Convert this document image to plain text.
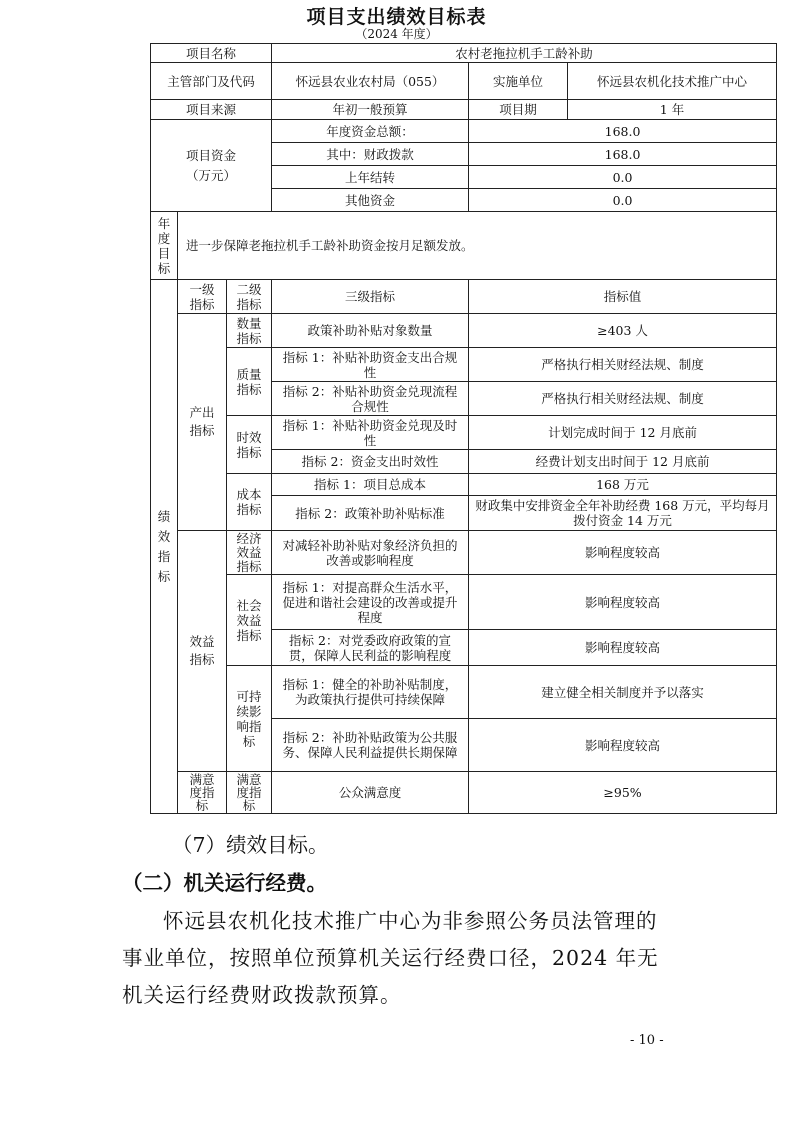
项目支出绩效目标表
（2024 年度）
项目名称			农村老拖拉机手工龄补助		
主管部门及代码			怀远县农业农村局（055）	实施单位	怀远县农机化技术推广中心
项目来源			年初一般预算	项目期	1 年

项目资金（万元）			年度资金总额：	168.0	
			其中：财政拨款	168.0	
			上年结转	0.0	
			其他资金	0.0	

年度目标	进一步保障老拖拉机手工龄补助资金按月足额发放。				

绩效指标	一级指标	二级指标	三级指标	指标值	

	产出指标	数量指标	政策补助补贴对象数量	≥403 人	

		质量指标	指标 1：补贴补助资金支出合规性	严格执行相关财经法规、制度	

			指标 2：补贴补助资金兑现流程合规性	严格执行相关财经法规、制度	

		时效指标	指标 1：补贴补助资金兑现及时性	计划完成时间于 12 月底前	
			指标 2：资金支出时效性	经费计划支出时间于 12 月底前	

		成本指标	指标 1：项目总成本	168 万元	
			指标 2：政策补助补贴标准	财政集中安排资金全年补助经费 168 万元，平均每月拨付资金 14 万元	

	效益指标	经济效益指标	对减轻补助补贴对象经济负担的改善或影响程度	影响程度较高	

		社会效益指标	指标 1：对提高群众生活水平，促进和谐社会建设的改善或提升程度	影响程度较高	

			指标 2：对党委政府政策的宣贯，保障人民利益的影响程度	影响程度较高	

		可持续影响指标	指标 1：健全的补助补贴制度，为政策执行提供可持续保障	建立健全相关制度并予以落实	

			指标 2：补助补贴政策为公共服务、保障人民利益提供长期保障	影响程度较高	

	满意度指标	满意度指标	公众满意度	≥95%	
（7）绩效目标。
（二）机关运行经费。
怀远县农机化技术推广中心为非参照公务员法管理的事业单位，按照单位预算机关运行经费口径，2024 年无机关运行经费财政拨款预算。
- 10 -
